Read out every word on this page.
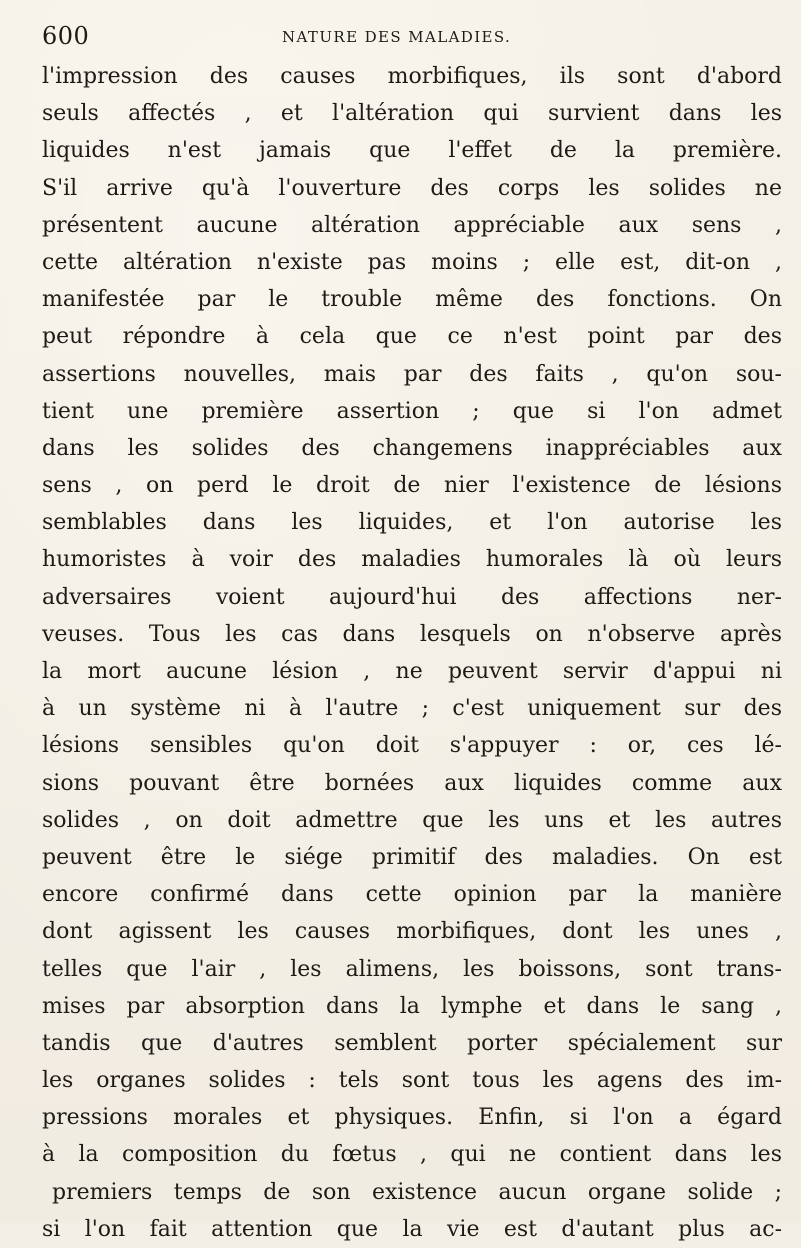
600	NATURE DES MALADIES.
l'impression des causes morbifiques, ils sont d'abord
seuls affectés , et l'altération qui survient dans les
liquides n'est jamais que l'effet de la première.
S'il arrive qu'à l'ouverture des corps les solides ne
présentent aucune altération appréciable aux sens ,
cette altération n'existe pas moins ; elle est, dit-on ,
manifestée par le trouble même des fonctions. On
peut répondre à cela que ce n'est point par des
assertions nouvelles, mais par des faits , qu'on sou-
tient une première assertion ; que si l'on admet
dans les solides des changemens inappréciables aux
sens , on perd le droit de nier l'existence de lésions
semblables dans les liquides, et l'on autorise les
humoristes à voir des maladies humorales là où leurs
adversaires voient aujourd'hui des affections ner-
veuses. Tous les cas dans lesquels on n'observe après
la mort aucune lésion , ne peuvent servir d'appui ni
à un système ni à l'autre ; c'est uniquement sur des
lésions sensibles qu'on doit s'appuyer : or, ces lé-
sions pouvant être bornées aux liquides comme aux
solides , on doit admettre que les uns et les autres
peuvent être le siége primitif des maladies. On est
encore confirmé dans cette opinion par la manière
dont agissent les causes morbifiques, dont les unes ,
telles que l'air , les alimens, les boissons, sont trans-
mises par absorption dans la lymphe et dans le sang ,
tandis que d'autres semblent porter spécialement sur
les organes solides : tels sont tous les agens des im-
pressions morales et physiques. Enfin, si l'on a égard
à la composition du fœtus , qui ne contient dans les
premiers temps de son existence aucun organe solide ;
si l'on fait attention que la vie est d'autant plus ac-
